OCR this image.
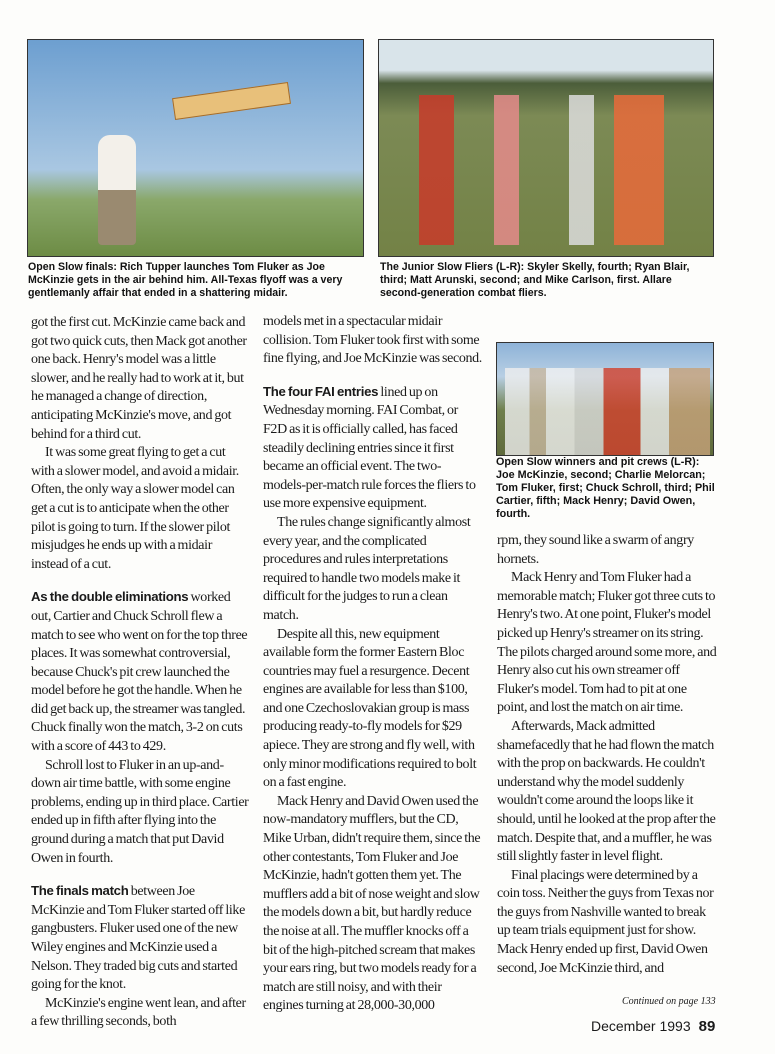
Open Slow finals: Rich Tupper launches Tom Fluker as Joe McKinzie gets in the air behind him. All-Texas flyoff was a very gentlemanly affair that ended in a shattering midair.
The Junior Slow Fliers (L-R): Skyler Skelly, fourth; Ryan Blair, third; Matt Arunski, second; and Mike Carlson, first. Allare second-generation combat fliers.
Open Slow winners and pit crews (L-R): Joe McKinzie, second; Charlie Melorcan; Tom Fluker, first; Chuck Schroll, third; Phil Cartier, fifth; Mack Henry; David Owen, fourth.

got the first cut. McKinzie came back and got two quick cuts, then Mack got another one back. Henry's model was a little slower, and he really had to work at it, but he managed a change of direction, anticipating McKinzie's move, and got behind for a third cut.

It was some great flying to get a cut with a slower model, and avoid a midair. Often, the only way a slower model can get a cut is to anticipate when the other pilot is going to turn. If the slower pilot misjudges he ends up with a midair instead of a cut.

As the double eliminations worked out, Cartier and Chuck Schroll flew a match to see who went on for the top three places. It was somewhat controversial, because Chuck's pit crew launched the model before he got the handle. When he did get back up, the streamer was tangled. Chuck finally won the match, 3-2 on cuts with a score of 443 to 429.

Schroll lost to Fluker in an up-and-down air time battle, with some engine problems, ending up in third place. Cartier ended up in fifth after flying into the ground during a match that put David Owen in fourth.

The finals match between Joe McKinzie and Tom Fluker started off like gangbusters. Fluker used one of the new Wiley engines and McKinzie used a Nelson. They traded big cuts and started going for the knot.

McKinzie's engine went lean, and after a few thrilling seconds, both

models met in a spectacular midair collision. Tom Fluker took first with some fine flying, and Joe McKinzie was second.

The four FAI entries lined up on Wednesday morning. FAI Combat, or F2D as it is officially called, has faced steadily declining entries since it first became an official event. The two-models-per-match rule forces the fliers to use more expensive equipment.

The rules change significantly almost every year, and the complicated procedures and rules interpretations required to handle two models make it difficult for the judges to run a clean match.

Despite all this, new equipment available form the former Eastern Bloc countries may fuel a resurgence. Decent engines are available for less than $100, and one Czechoslovakian group is mass producing ready-to-fly models for $29 apiece. They are strong and fly well, with only minor modifications required to bolt on a fast engine.

Mack Henry and David Owen used the now-mandatory mufflers, but the CD, Mike Urban, didn't require them, since the other contestants, Tom Fluker and Joe McKinzie, hadn't gotten them yet. The mufflers add a bit of nose weight and slow the models down a bit, but hardly reduce the noise at all. The muffler knocks off a bit of the high-pitched scream that makes your ears ring, but two models ready for a match are still noisy, and with their engines turning at 28,000-30,000

rpm, they sound like a swarm of angry hornets.

Mack Henry and Tom Fluker had a memorable match; Fluker got three cuts to Henry's two. At one point, Fluker's model picked up Henry's streamer on its string. The pilots charged around some more, and Henry also cut his own streamer off Fluker's model. Tom had to pit at one point, and lost the match on air time.

Afterwards, Mack admitted shamefacedly that he had flown the match with the prop on backwards. He couldn't understand why the model suddenly wouldn't come around the loops like it should, until he looked at the prop after the match. Despite that, and a muffler, he was still slightly faster in level flight.

Final placings were determined by a coin toss. Neither the guys from Texas nor the guys from Nashville wanted to break up team trials equipment just for show. Mack Henry ended up first, David Owen second, Joe McKinzie third, and

Continued on page 133
December 1993 89
